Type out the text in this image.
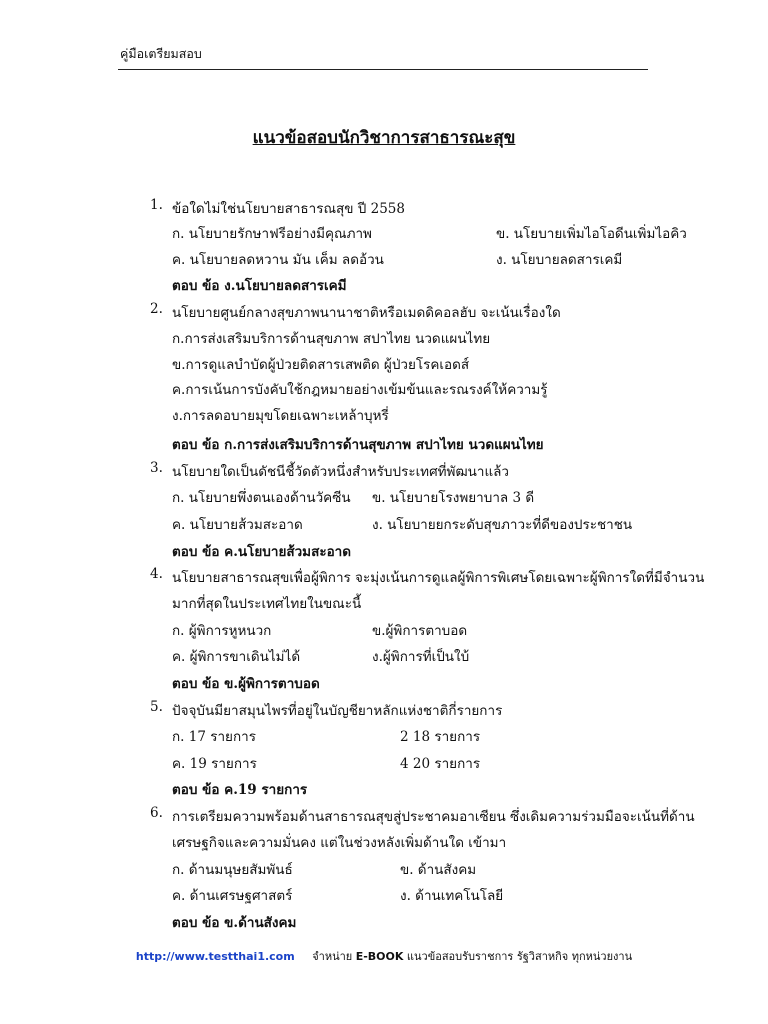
คู่มือเตรียมสอบ
แนวข้อสอบนักวิชาการสาธารณะสุข
1. ข้อใดไม่ใช่นโยบายสาธารณสุข ปี 2558
ก. นโยบายรักษาฟรีอย่างมีคุณภาพ	ข. นโยบายเพิ่มไอโอดีนเพิ่มไอคิว
ค. นโยบายลดหวาน มัน เค็ม ลดอ้วน	ง. นโยบายลดสารเคมี
ตอบ ข้อ ง.นโยบายลดสารเคมี
2. นโยบายศูนย์กลางสุขภาพนานาชาติหรือเมดดิคอลฮับ จะเน้นเรื่องใด
ก.การส่งเสริมบริการด้านสุขภาพ สปาไทย นวดแผนไทย
ข.การดูแลบำบัดผู้ป่วยติดสารเสพติด ผู้ป่วยโรคเอดส์
ค.การเน้นการบังคับใช้กฎหมายอย่างเข้มข้นและรณรงค์ให้ความรู้
ง.การลดอบายมุขโดยเฉพาะเหล้าบุหรี่
ตอบ ข้อ ก.การส่งเสริมบริการด้านสุขภาพ สปาไทย นวดแผนไทย
3. นโยบายใดเป็นดัชนีชี้วัดตัวหนึ่งสำหรับประเทศที่พัฒนาแล้ว
ก. นโยบายพึ่งตนเองด้านวัคซีน ข. นโยบายโรงพยาบาล 3 ดี
ค. นโยบายส้วมสะอาด	ง. นโยบายยกระดับสุขภาวะที่ดีของประชาชน
ตอบ ข้อ ค.นโยบายส้วมสะอาด
4. นโยบายสาธารณสุขเพื่อผู้พิการ จะมุ่งเน้นการดูแลผู้พิการพิเศษโดยเฉพาะผู้พิการใดที่มีจำนวน
มากที่สุดในประเทศไทยในขณะนี้
ก. ผู้พิการหูหนวก	ข.ผู้พิการตาบอด
ค. ผู้พิการขาเดินไม่ได้	ง.ผู้พิการที่เป็นใบ้
ตอบ ข้อ ข.ผู้พิการตาบอด
5. ปัจจุบันมียาสมุนไพรที่อยู่ในบัญชียาหลักแห่งชาติกี่รายการ
ก. 17 รายการ	2 18 รายการ
ค. 19 รายการ	4 20 รายการ
ตอบ ข้อ ค.19 รายการ
6. การเตรียมความพร้อมด้านสาธารณสุขสู่ประชาคมอาเซียน ซึ่งเดิมความร่วมมือจะเน้นที่ด้าน
เศรษฐกิจและความมั่นคง แต่ในช่วงหลังเพิ่มด้านใด เข้ามา
ก. ด้านมนุษยสัมพันธ์	ข. ด้านสังคม
ค. ด้านเศรษฐศาสตร์	ง. ด้านเทคโนโลยี
ตอบ ข้อ ข.ด้านสังคม
http://www.testthai1.com จำหน่าย E-BOOK แนวข้อสอบรับราชการ รัฐวิสาหกิจ ทุกหน่วยงาน
